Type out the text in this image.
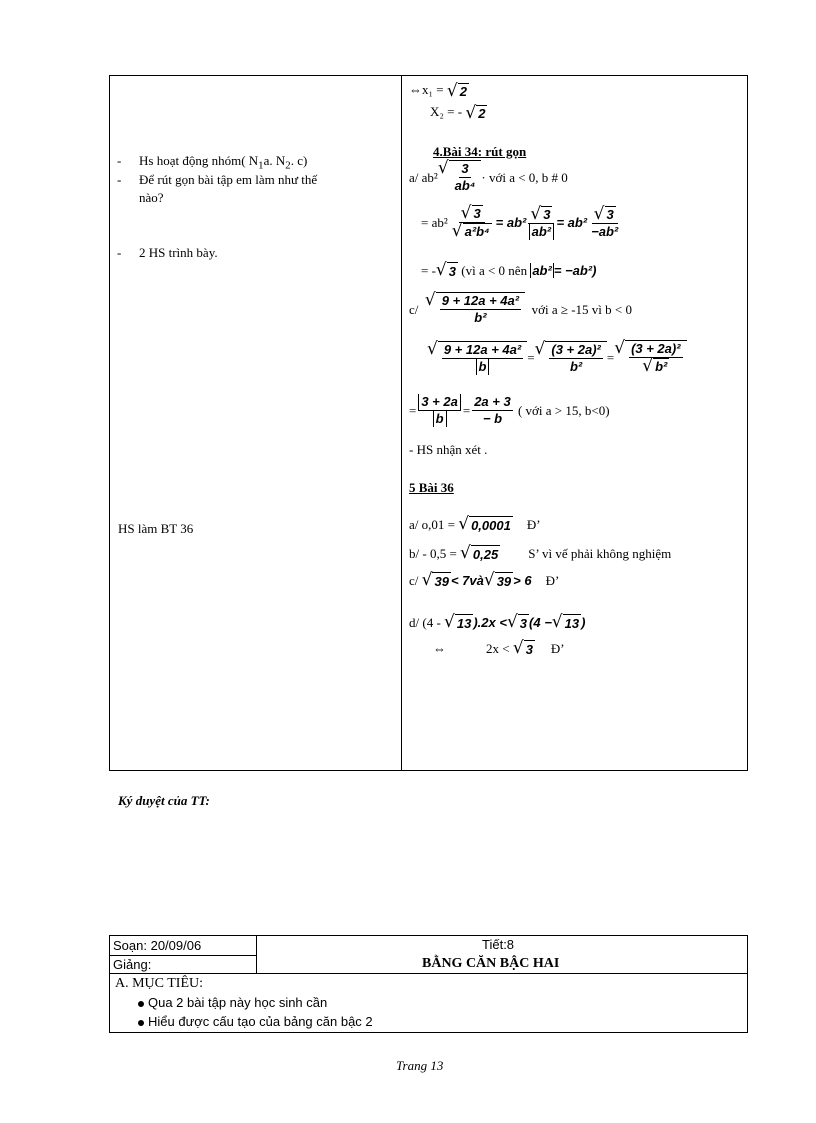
- Hs hoạt động nhóm( $N_1a$. $N_2$. c)
- Để rút gọn bài tập em làm như thế
nào?
- 2 HS trình bày.
HS làm BT 36
⇔x₁ = √ 2
X₂ = - √ 2
4.Bài 34: rút gọn
a/ ab² √ $\frac{3}{\text{ab⁴}}$ · với a < 0, b # 0
= $ab^2 \frac{√ 3}{\text{√ a²b⁴}} = ab^2 \frac{√ 3}{\text{ab²}} = ab^2 \frac{√ 3}{\text{−ab²}}$
= - √ 3
(vì a < 0 nên
ab² = −ab²)
c/
√ $\frac{\text{9 + 12a + 4a²}}{\text{b²}}$
với a ≥ -15 vì b < 0
√ $\frac{\text{9 + 12a + 4a²}}{b}$ = √ $\frac{\text{(3 + 2a)²}}{\text{b²}}$ = √ $\frac{\text{(3 + 2a)²}}{\text{√ b²}}$
= $\frac{3 + 2a}{b} = \frac{2a + 3}{- b}$
( với a > 15, b<0)
- HS nhận xét .
5 Bài 36
a/ o,01 =
√ 0,0001 Đ’
b/ - 0,5 =
√ 0,25 S’ vì vế phải không nghiệm
c/
√ 39 < 7và √ 39 > 6 Đ’
d/ (4 -
√ 13 ).2x < √ 3 (4 − √ 13 )
⇔	2x <
√ 3 Đ’
Ký duyệt của TT:
Soạn: 20/09/06
Giảng:
Tiết:8
BẰNG CĂN BẬC HAI
A. MỤC TIÊU:
Qua 2 bài tập này học sinh cần
Hiểu được cấu tạo của bảng căn bậc 2
Trang 13
